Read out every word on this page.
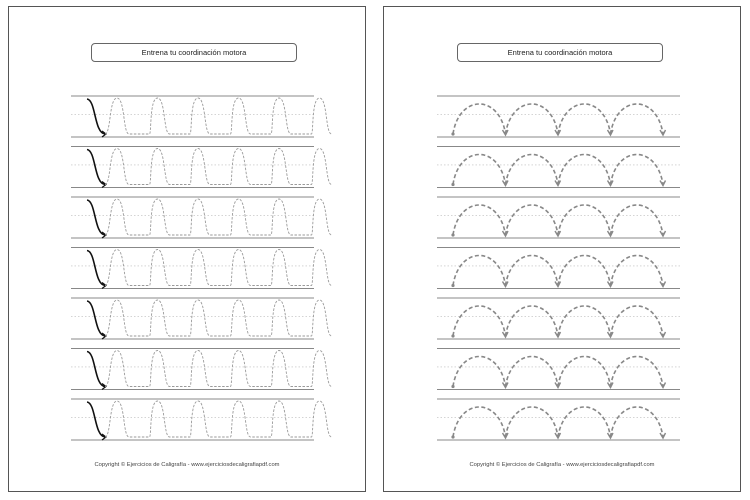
Entrena tu coordinación motora
Copyright © Ejercicios de Caligrafía - www.ejerciciosdecaligrafiapdf.com
Entrena tu coordinación motora
Copyright © Ejercicios de Caligrafía - www.ejerciciosdecaligrafiapdf.com
